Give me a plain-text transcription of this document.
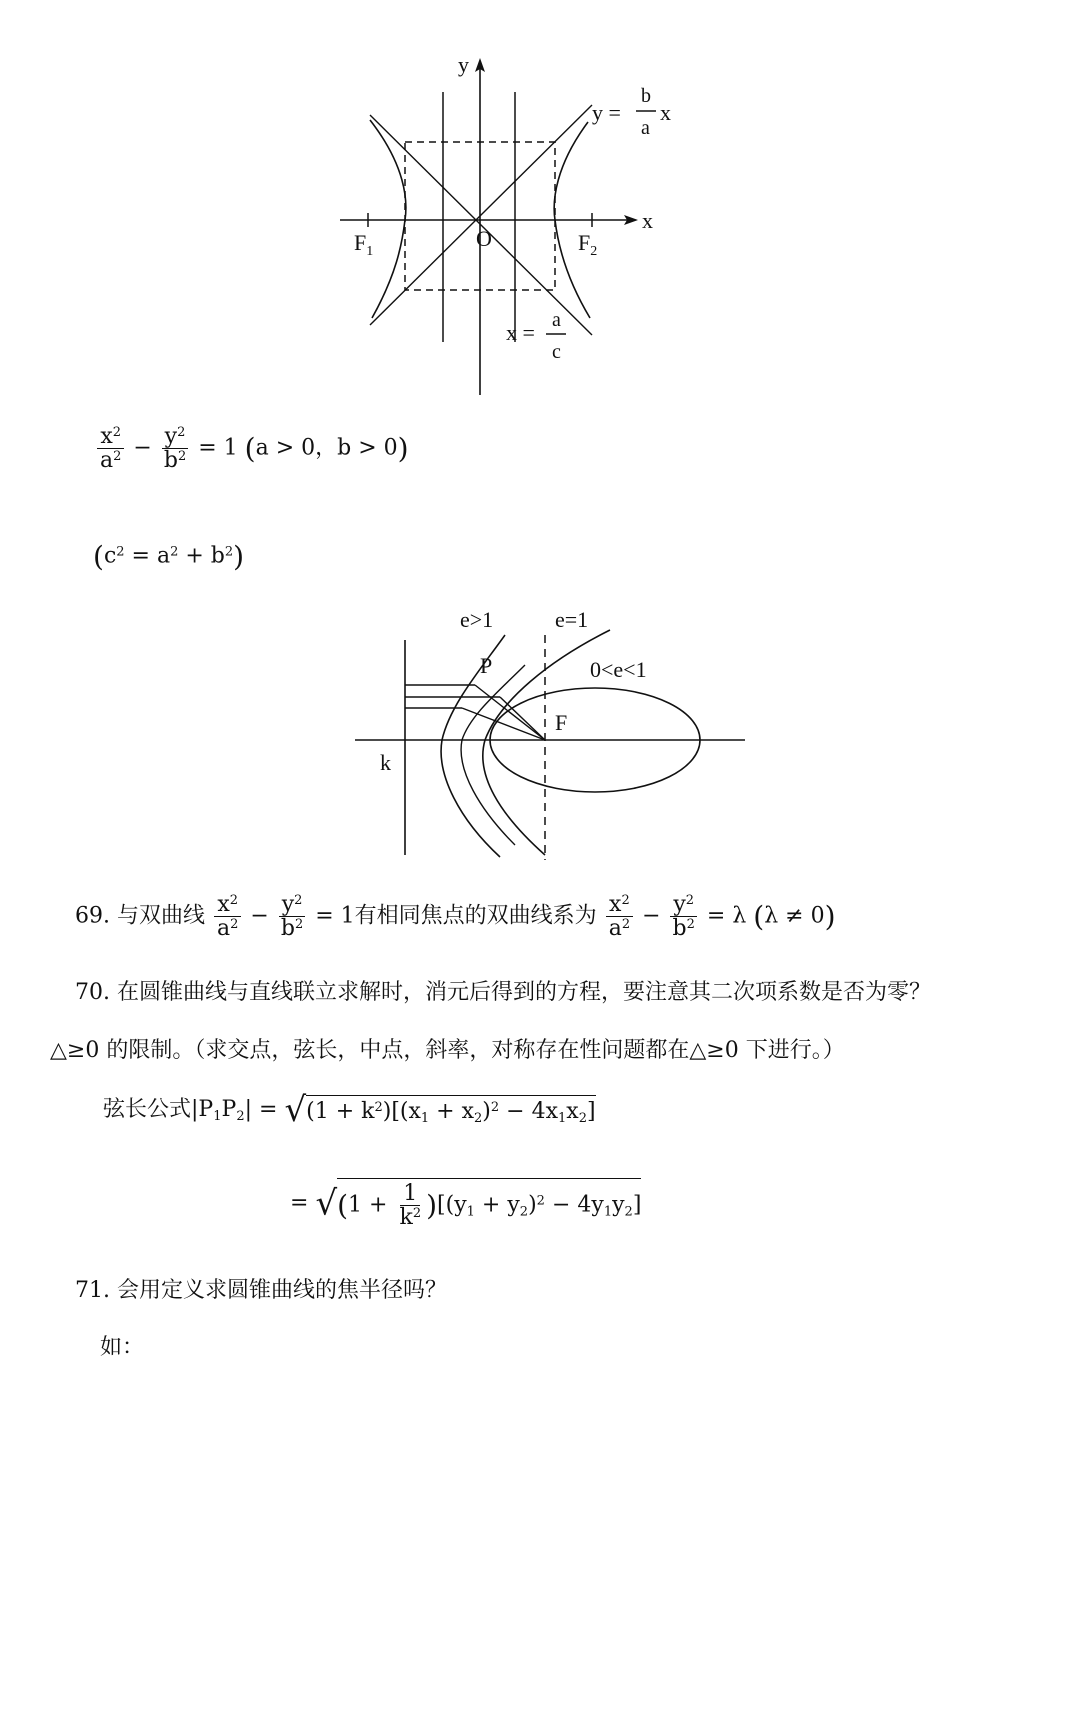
y
x
O
$F_1$	$F_2$
y =
b
a
x
x = a
c
$\frac{x^2}{a^2} - \frac{y^2}{b^2} = 1$ (a > 0，b > 0)
$(c^2 = a^2 + b^2)$
k
F
0<e<1
e=1
e>1
P
69. 与双曲线 $\frac{x^2}{a^2} - \frac{y^2}{b^2} = 1$有相同焦点的双曲线系为 $\frac{x^2}{a^2} - \frac{y^2}{b^2} = \lambda$ (λ ≠ 0)
70. 在圆锥曲线与直线联立求解时，消元后得到的方程，要注意其二次项系数是否为零？
△≥0 的限制。（求交点，弦长，中点，斜率，对称存在性问题都在△≥0 下进行。）
弦长公式$|P_1P_2| = √(1 + k^2)[(x_1 + x_2)^2 - 4x_1x_2]$
= $√(1 + \frac{1}{k^2} )[(y_1 + y_2)^2 - 4y_1y_2]$
71. 会用定义求圆锥曲线的焦半径吗？
如：
